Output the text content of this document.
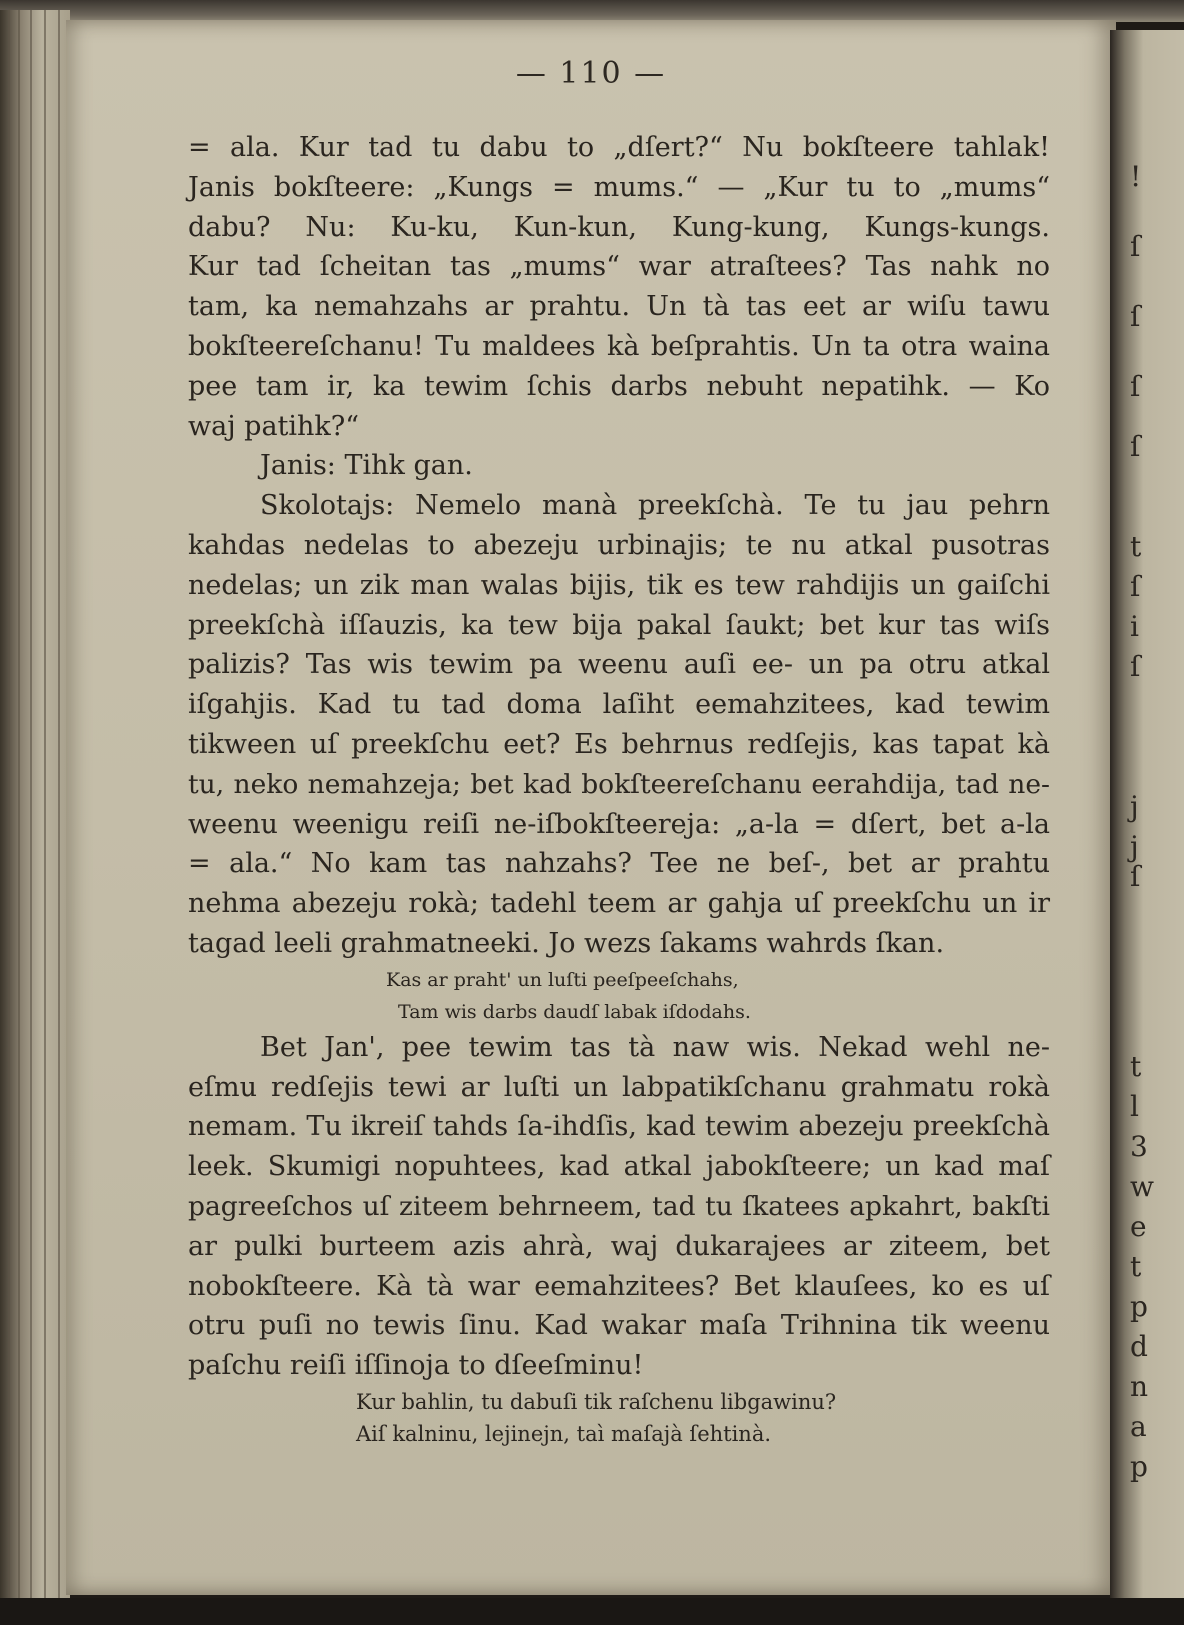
!
ſ
ſ
ſ
ſ
j
ſ
t
ſ
i
ſ
j
t
l
3
w
e
t
p
d
n
a
p
— 110 —
= ala. Kur tad tu dabu to „dſert?“ Nu bokſteere tahlak!
Janis bokſteere: „Kungs = mums.“ — „Kur tu to „mums“
dabu? Nu: Ku-ku, Kun-kun, Kung-kung, Kungs-kungs.
Kur tad ſcheitan tas „mums“ war atraſtees? Tas nahk no
tam, ka nemahzahs ar prahtu. Un tà tas eet ar wiſu tawu
bokſteereſchanu! Tu maldees kà beſprahtis. Un ta otra waina
pee tam ir, ka tewim ſchis darbs nebuht nepatihk. — Ko
waj patihk?“
Janis: Tihk gan.
Skolotajs: Nemelo manà preekſchà. Te tu jau pehrn
kahdas nedelas to abezeju urbinajis; te nu atkal pusotras
nedelas; un zik man walas bijis, tik es tew rahdijis un gaiſchi
preekſchà iſſauzis, ka tew bija pakal ſaukt; bet kur tas wiſs
palizis? Tas wis tewim pa weenu auſi ee- un pa otru atkal
iſgahjis. Kad tu tad doma laſiht eemahzitees, kad tewim
tikween uſ preekſchu eet? Es behrnus redſejis, kas tapat kà
tu, neko nemahzeja; bet kad bokſteereſchanu eerahdija, tad ne-
weenu weenigu reiſi ne-iſbokſteereja: „a-la = dſert, bet a-la
= ala.“ No kam tas nahzahs? Tee ne beſ-, bet ar prahtu
nehma abezeju rokà; tadehl teem ar gahja uſ preekſchu un ir
tagad leeli grahmatneeki. Jo wezs ſakams wahrds ſkan.
Kas ar praht' un luſti peeſpeeſchahs,
Tam wis darbs daudſ labak iſdodahs.
Bet Jan', pee tewim tas tà naw wis. Nekad wehl ne-
eſmu redſejis tewi ar luſti un labpatikſchanu grahmatu rokà
nemam. Tu ikreiſ tahds ſa-ihdſis, kad tewim abezeju preekſchà
leek. Skumigi nopuhtees, kad atkal jabokſteere; un kad maſ
pagreeſchos uſ ziteem behrneem, tad tu ſkatees apkahrt, bakſti
ar pulki burteem azis ahrà, waj dukarajees ar ziteem, bet
nobokſteere. Kà tà war eemahzitees? Bet klauſees, ko es uſ
otru puſi no tewis ſinu. Kad wakar maſa Trihnina tik weenu
paſchu reiſi iſſinoja to dſeeſminu!
Kur bahlin, tu dabuſi tik raſchenu libgawinu?
Aiſ kalninu, lejinejn, taì maſajà ſehtinà.
